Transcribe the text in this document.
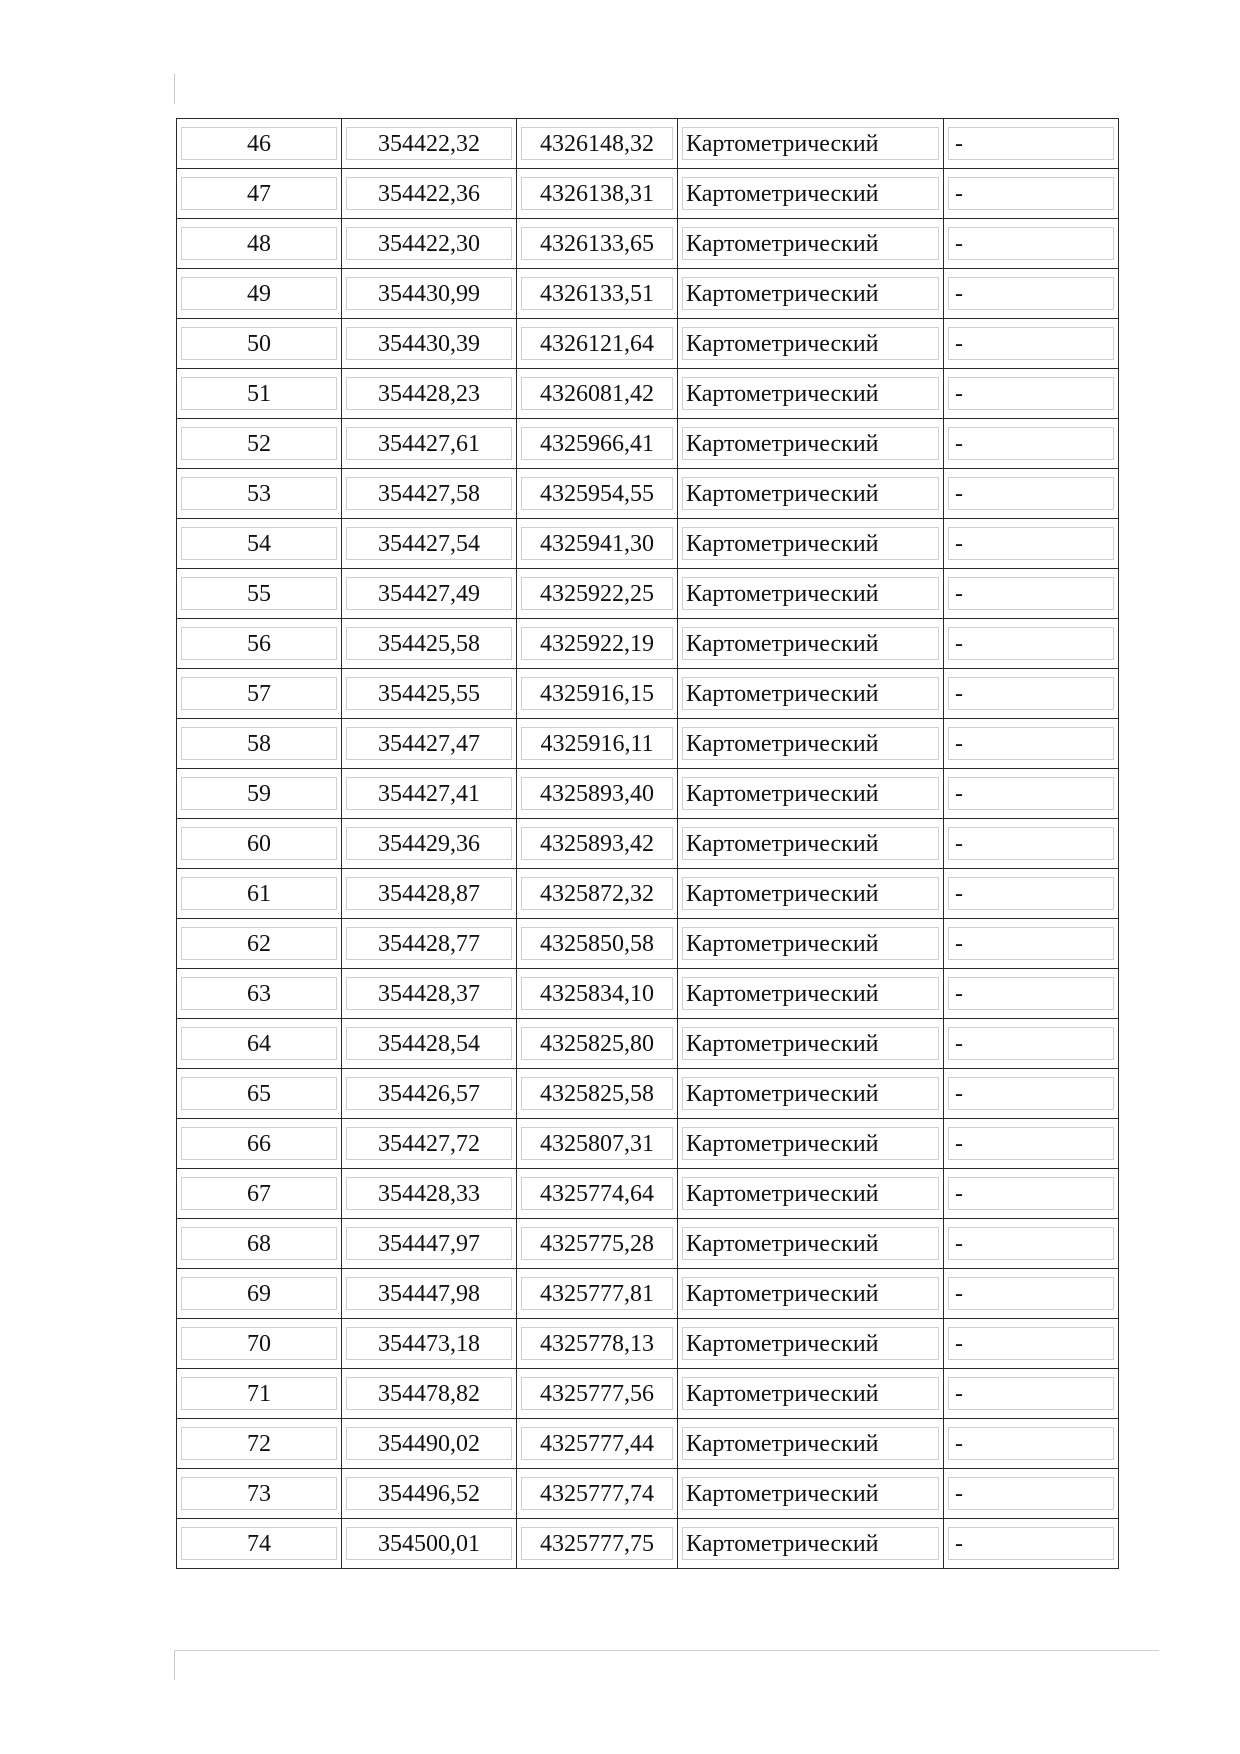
46	354422,32	4326148,32	Картометрический	-

47	354422,36	4326138,31	Картометрический	-

48	354422,30	4326133,65	Картометрический	-

49	354430,99	4326133,51	Картометрический	-

50	354430,39	4326121,64	Картометрический	-

51	354428,23	4326081,42	Картометрический	-

52	354427,61	4325966,41	Картометрический	-

53	354427,58	4325954,55	Картометрический	-

54	354427,54	4325941,30	Картометрический	-

55	354427,49	4325922,25	Картометрический	-

56	354425,58	4325922,19	Картометрический	-

57	354425,55	4325916,15	Картометрический	-

58	354427,47	4325916,11	Картометрический	-

59	354427,41	4325893,40	Картометрический	-

60	354429,36	4325893,42	Картометрический	-

61	354428,87	4325872,32	Картометрический	-

62	354428,77	4325850,58	Картометрический	-

63	354428,37	4325834,10	Картометрический	-

64	354428,54	4325825,80	Картометрический	-

65	354426,57	4325825,58	Картометрический	-

66	354427,72	4325807,31	Картометрический	-

67	354428,33	4325774,64	Картометрический	-

68	354447,97	4325775,28	Картометрический	-

69	354447,98	4325777,81	Картометрический	-

70	354473,18	4325778,13	Картометрический	-

71	354478,82	4325777,56	Картометрический	-

72	354490,02	4325777,44	Картометрический	-

73	354496,52	4325777,74	Картометрический	-

74	354500,01	4325777,75	Картометрический	-
